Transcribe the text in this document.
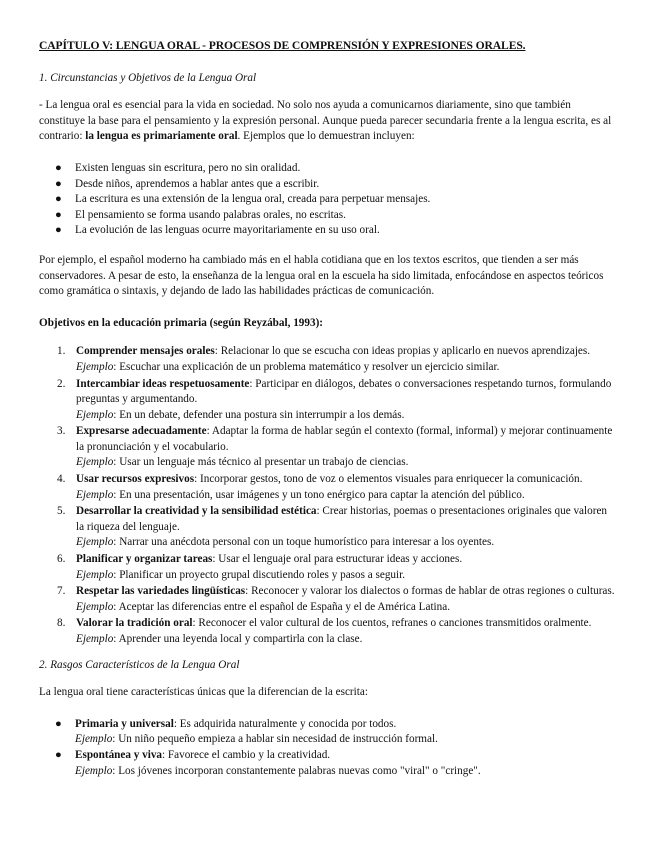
CAPÍTULO V: LENGUA ORAL - PROCESOS DE COMPRENSIÓN Y EXPRESIONES ORALES.

1. Circunstancias y Objetivos de la Lengua Oral

- La lengua oral es esencial para la vida en sociedad. No solo nos ayuda a comunicarnos diariamente, sino que también constituye la base para el pensamiento y la expresión personal. Aunque pueda parecer secundaria frente a la lengua escrita, es al contrario: la lengua es primariamente oral. Ejemplos que lo demuestran incluyen:

● Existen lenguas sin escritura, pero no sin oralidad.
● Desde niños, aprendemos a hablar antes que a escribir.
● La escritura es una extensión de la lengua oral, creada para perpetuar mensajes.
● El pensamiento se forma usando palabras orales, no escritas.
● La evolución de las lenguas ocurre mayoritariamente en su uso oral.

Por ejemplo, el español moderno ha cambiado más en el habla cotidiana que en los textos escritos, que tienden a ser más conservadores. A pesar de esto, la enseñanza de la lengua oral en la escuela ha sido limitada, enfocándose en aspectos teóricos como gramática o sintaxis, y dejando de lado las habilidades prácticas de comunicación.

Objetivos en la educación primaria (según Reyzábal, 1993):

1. Comprender mensajes orales: Relacionar lo que se escucha con ideas propias y aplicarlo en nuevos aprendizajes.
Ejemplo: Escuchar una explicación de un problema matemático y resolver un ejercicio similar.
2. Intercambiar ideas respetuosamente: Participar en diálogos, debates o conversaciones respetando turnos, formulando preguntas y argumentando.
Ejemplo: En un debate, defender una postura sin interrumpir a los demás.
3. Expresarse adecuadamente: Adaptar la forma de hablar según el contexto (formal, informal) y mejorar continuamente la pronunciación y el vocabulario.
Ejemplo: Usar un lenguaje más técnico al presentar un trabajo de ciencias.
4. Usar recursos expresivos: Incorporar gestos, tono de voz o elementos visuales para enriquecer la comunicación.
Ejemplo: En una presentación, usar imágenes y un tono enérgico para captar la atención del público.
5. Desarrollar la creatividad y la sensibilidad estética: Crear historias, poemas o presentaciones originales que valoren la riqueza del lenguaje.
Ejemplo: Narrar una anécdota personal con un toque humorístico para interesar a los oyentes.
6. Planificar y organizar tareas: Usar el lenguaje oral para estructurar ideas y acciones.
Ejemplo: Planificar un proyecto grupal discutiendo roles y pasos a seguir.
7. Respetar las variedades lingüísticas: Reconocer y valorar los dialectos o formas de hablar de otras regiones o culturas.
Ejemplo: Aceptar las diferencias entre el español de España y el de América Latina.
8. Valorar la tradición oral: Reconocer el valor cultural de los cuentos, refranes o canciones transmitidos oralmente.
Ejemplo: Aprender una leyenda local y compartirla con la clase.

2. Rasgos Característicos de la Lengua Oral

La lengua oral tiene características únicas que la diferencian de la escrita:

● Primaria y universal: Es adquirida naturalmente y conocida por todos.
Ejemplo: Un niño pequeño empieza a hablar sin necesidad de instrucción formal.
● Espontánea y viva: Favorece el cambio y la creatividad.
Ejemplo: Los jóvenes incorporan constantemente palabras nuevas como "viral" o "cringe".
